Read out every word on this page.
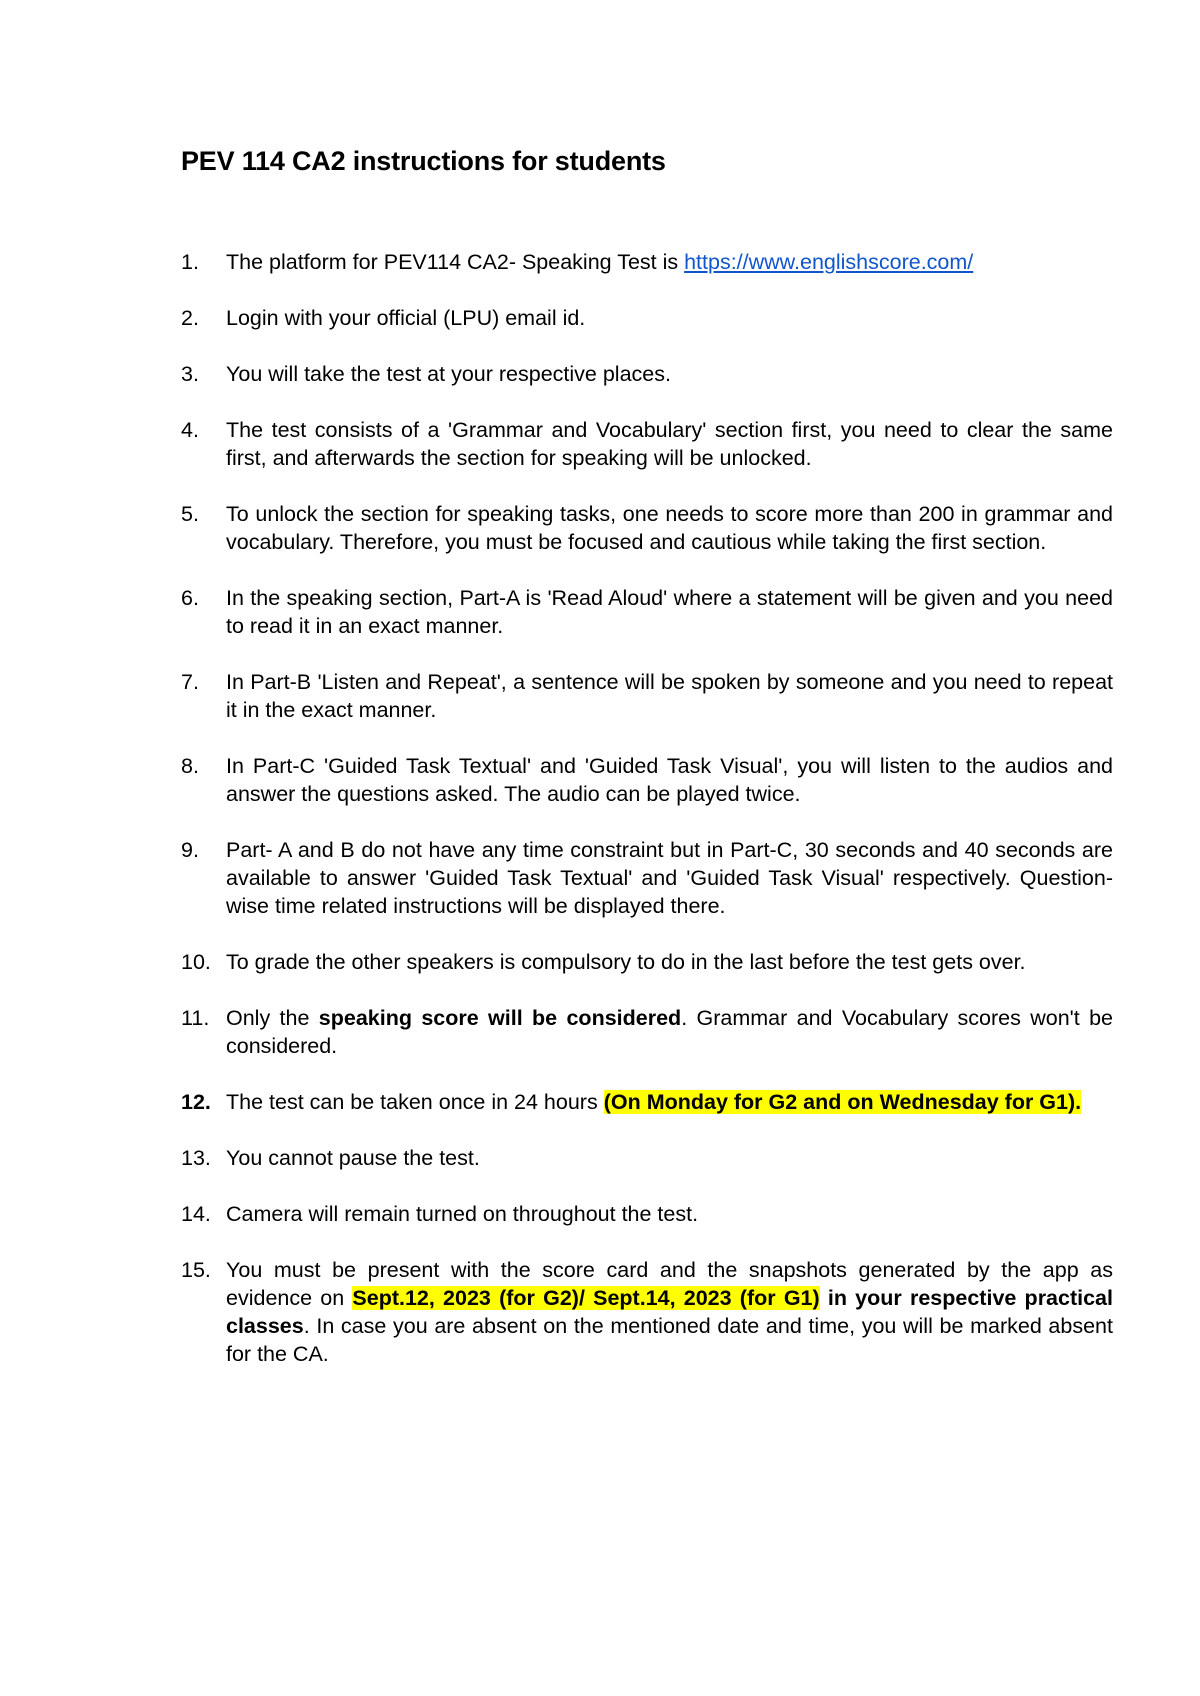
PEV 114 CA2 instructions for students
1.	The platform for PEV114 CA2- Speaking Test is https://www.englishscore.com/
2.	Login with your official (LPU) email id.
3.	You will take the test at your respective places.
4.	The test consists of a 'Grammar and Vocabulary' section first, you need to clear the same first, and afterwards the section for speaking will be unlocked.
5.	To unlock the section for speaking tasks, one needs to score more than 200 in grammar and vocabulary. Therefore, you must be focused and cautious while taking the first section.
6.	In the speaking section, Part-A is 'Read Aloud' where a statement will be given and you need to read it in an exact manner.
7.	In Part-B 'Listen and Repeat', a sentence will be spoken by someone and you need to repeat it in the exact manner.
8.	In Part-C 'Guided Task Textual' and 'Guided Task Visual', you will listen to the audios and answer the questions asked. The audio can be played twice.
9.	Part- A and B do not have any time constraint but in Part-C, 30 seconds and 40 seconds are available to answer 'Guided Task Textual' and 'Guided Task Visual' respectively. Question-wise time related instructions will be displayed there.
10. To grade the other speakers is compulsory to do in the last before the test gets over.
11. Only the speaking score will be considered. Grammar and Vocabulary scores won't be considered.
12. The test can be taken once in 24 hours (On Monday for G2 and on Wednesday for G1).
13. You cannot pause the test.
14. Camera will remain turned on throughout the test.
15. You must be present with the score card and the snapshots generated by the app as evidence on Sept.12, 2023 (for G2)/ Sept.14, 2023 (for G1) in your respective practical classes. In case you are absent on the mentioned date and time, you will be marked absent for the CA.
